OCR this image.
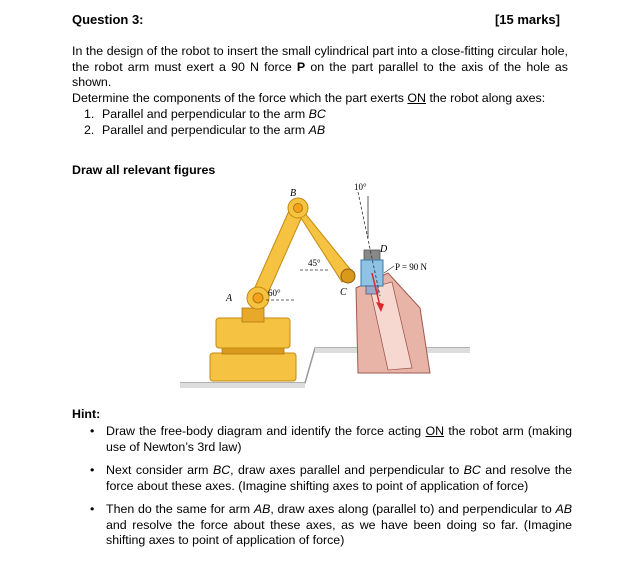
Question 3:	[15 marks]
In the design of the robot to insert the small cylindrical part into a close-fitting circular hole, the robot arm must exert a 90 N force P on the part parallel to the axis of the hole as shown.
Determine the components of the force which the part exerts ON the robot along axes:
1. Parallel and perpendicular to the arm BC
2. Parallel and perpendicular to the arm AB
Draw all relevant figures
B
A
C
D
45°
60°
10°
P = 90 N
Hint:
• Draw the free-body diagram and identify the force acting ON the robot arm (making use of Newton’s 3rd law)
• Next consider arm BC, draw axes parallel and perpendicular to BC and resolve the force about these axes. (Imagine shifting axes to point of application of force)
• Then do the same for arm AB, draw axes along (parallel to) and perpendicular to AB and resolve the force about these axes, as we have been doing so far. (Imagine shifting axes to point of application of force)
